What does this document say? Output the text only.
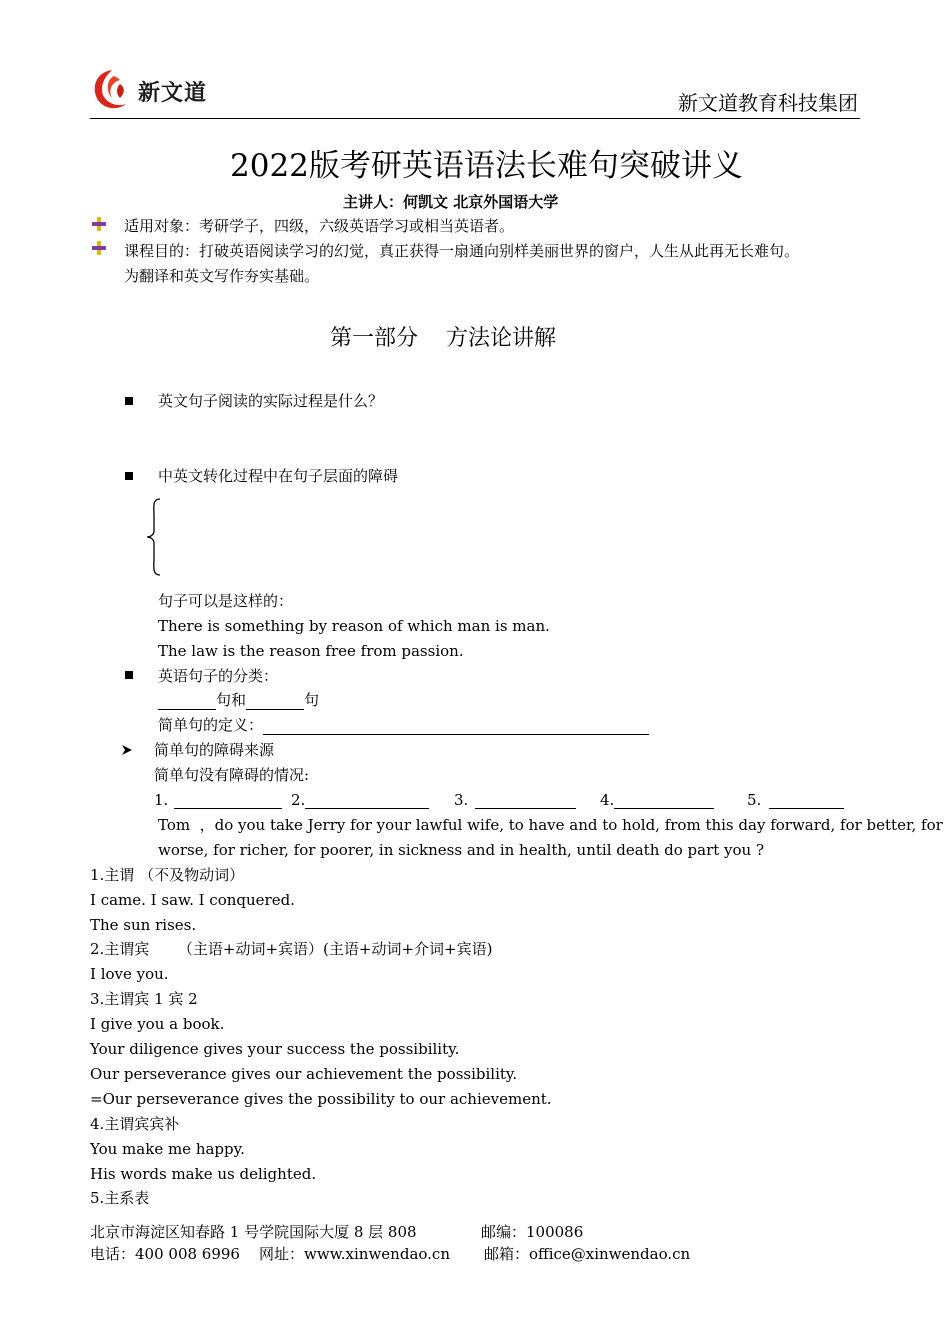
新文道	新文道教育科技集团
2022版考研英语语法长难句突破讲义
主讲人：何凯文 北京外国语大学
适用对象：考研学子，四级，六级英语学习或相当英语者。
课程目的：打破英语阅读学习的幻觉，真正获得一扇通向别样美丽世界的窗户，人生从此再无长难句。
为翻译和英文写作夯实基础。
第一部分    方法论讲解
英文句子阅读的实际过程是什么？
中英文转化过程中在句子层面的障碍
句子可以是这样的：
There is something by reason of which man is man.
The law is the reason free from passion.
英语句子的分类：
句和	句
简单句的定义：
简单句的障碍来源
简单句没有障碍的情况:
1.	2.	3.	4.	5.
Tom  ，do you take Jerry for your lawful wife, to have and to hold, from this day forward, for better, for
worse, for richer, for poorer, in sickness and in health, until death do part you ?
1.主谓 （不及物动词）
I came. I saw. I conquered.
The sun rises.
2.主谓宾      （主语+动词+宾语）(主语+动词+介词+宾语)
I love you.
3.主谓宾 1 宾 2
I give you a book.
Your diligence gives your success the possibility.
Our perseverance gives our achievement the possibility.
=Our perseverance gives the possibility to our achievement.
4.主谓宾宾补
You make me happy.
His words make us delighted.
5.主系表
北京市海淀区知春路 1 号学院国际大厦 8 层 808	邮编：100086
电话：400 008 6996    网址：www.xinwendao.cn 邮箱：office@xinwendao.cn
